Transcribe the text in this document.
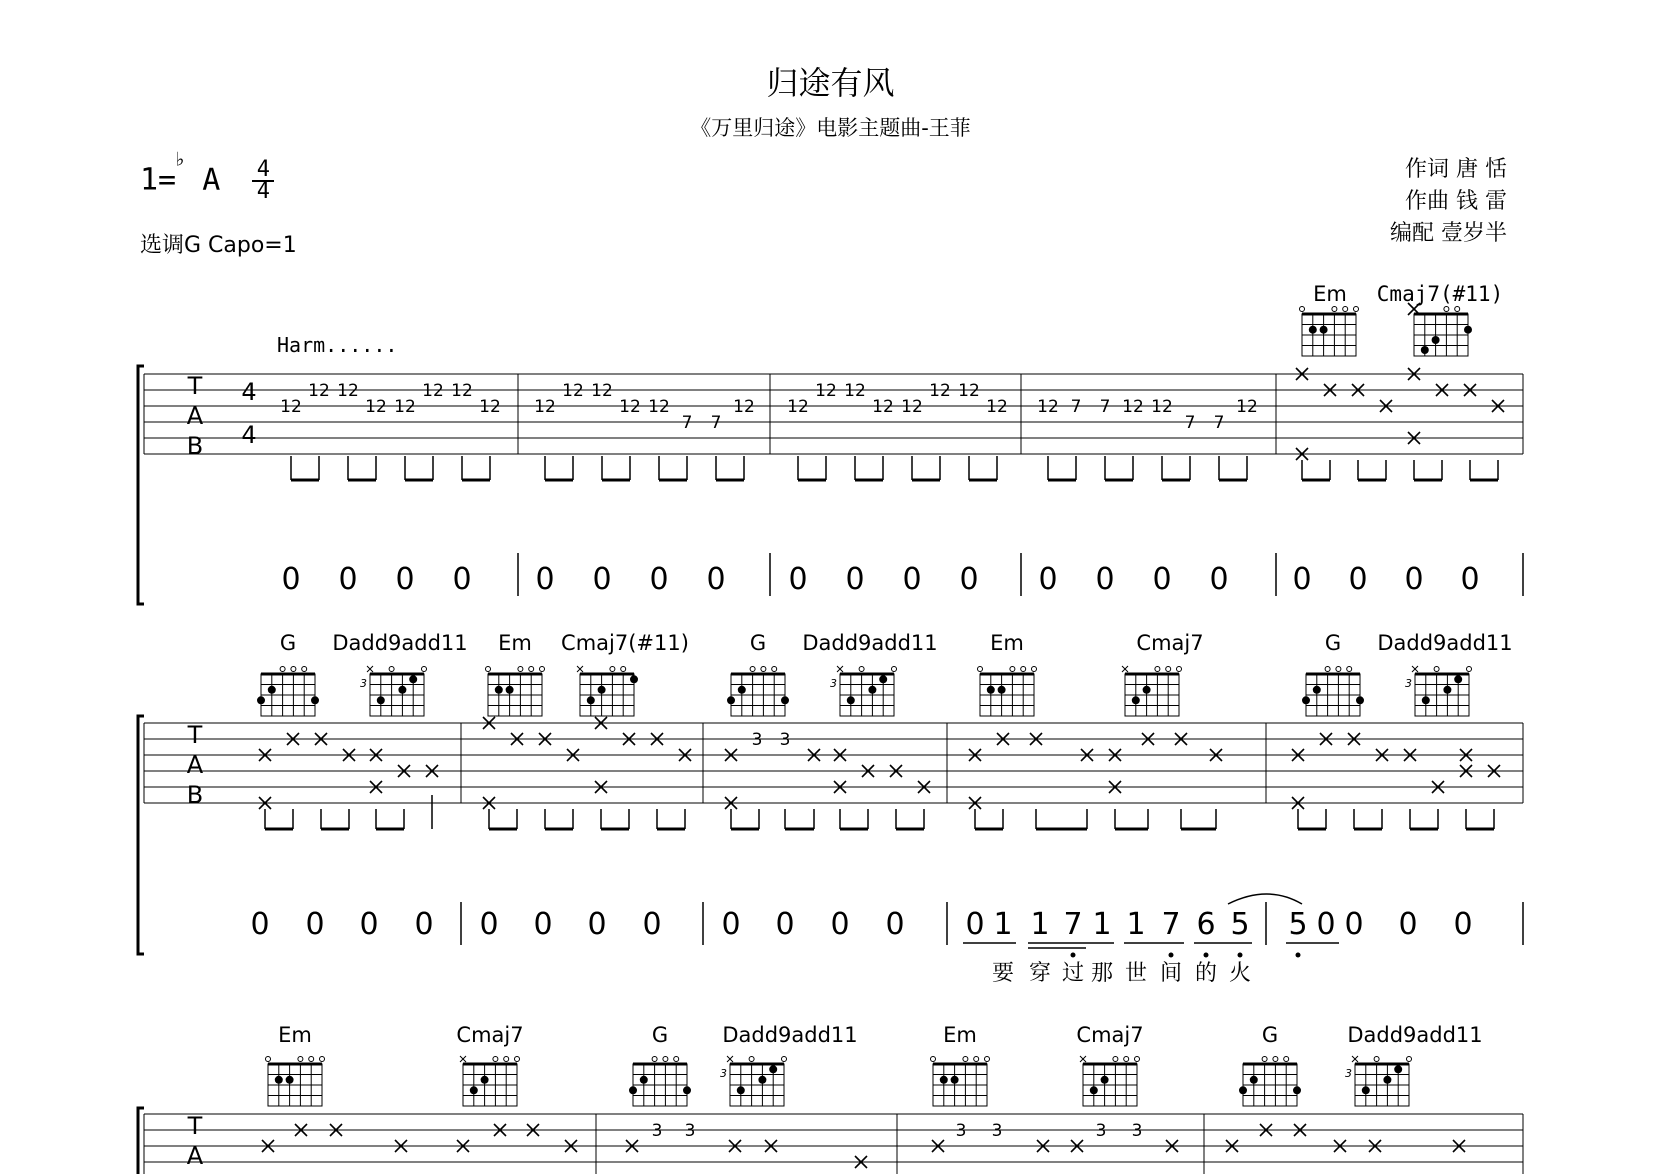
归途有风
《万里归途》电影主题曲-王菲
1=
♭
A $\frac{4}{4}$
选调G Capo=1
作词 唐 恬
作曲 钱 雷
编配 壹岁半
T
A
B
4
4
Harm......
12
12 12
12 12
12 12
12 12
12 12
12 12
7 7
12 12
12 12
12 12
12 12
12 12 7 7 12 12
7 7
12
Em Cmaj7(#11)
0 0 0 0 0 0 0 0 0 0 0 0 0 0 0 0 0 0 0 0
T
A
B
3 3
G Dadd9add11
3
Em Cmaj7(#11)	G Dadd9add11
3
Em	Cmaj7	G Dadd9add11
3
0 0 0 0 0 0 0 0 0 0 0 0 0 1 1 7 1 1 7 6 5 5 0 0 0 0
要 穿 过 那 世 间 的 火
T
A
3 3	3 3	3 3
Em	Cmaj7	G	Dadd9add11
3
Em	Cmaj7	G	Dadd9add11
3
